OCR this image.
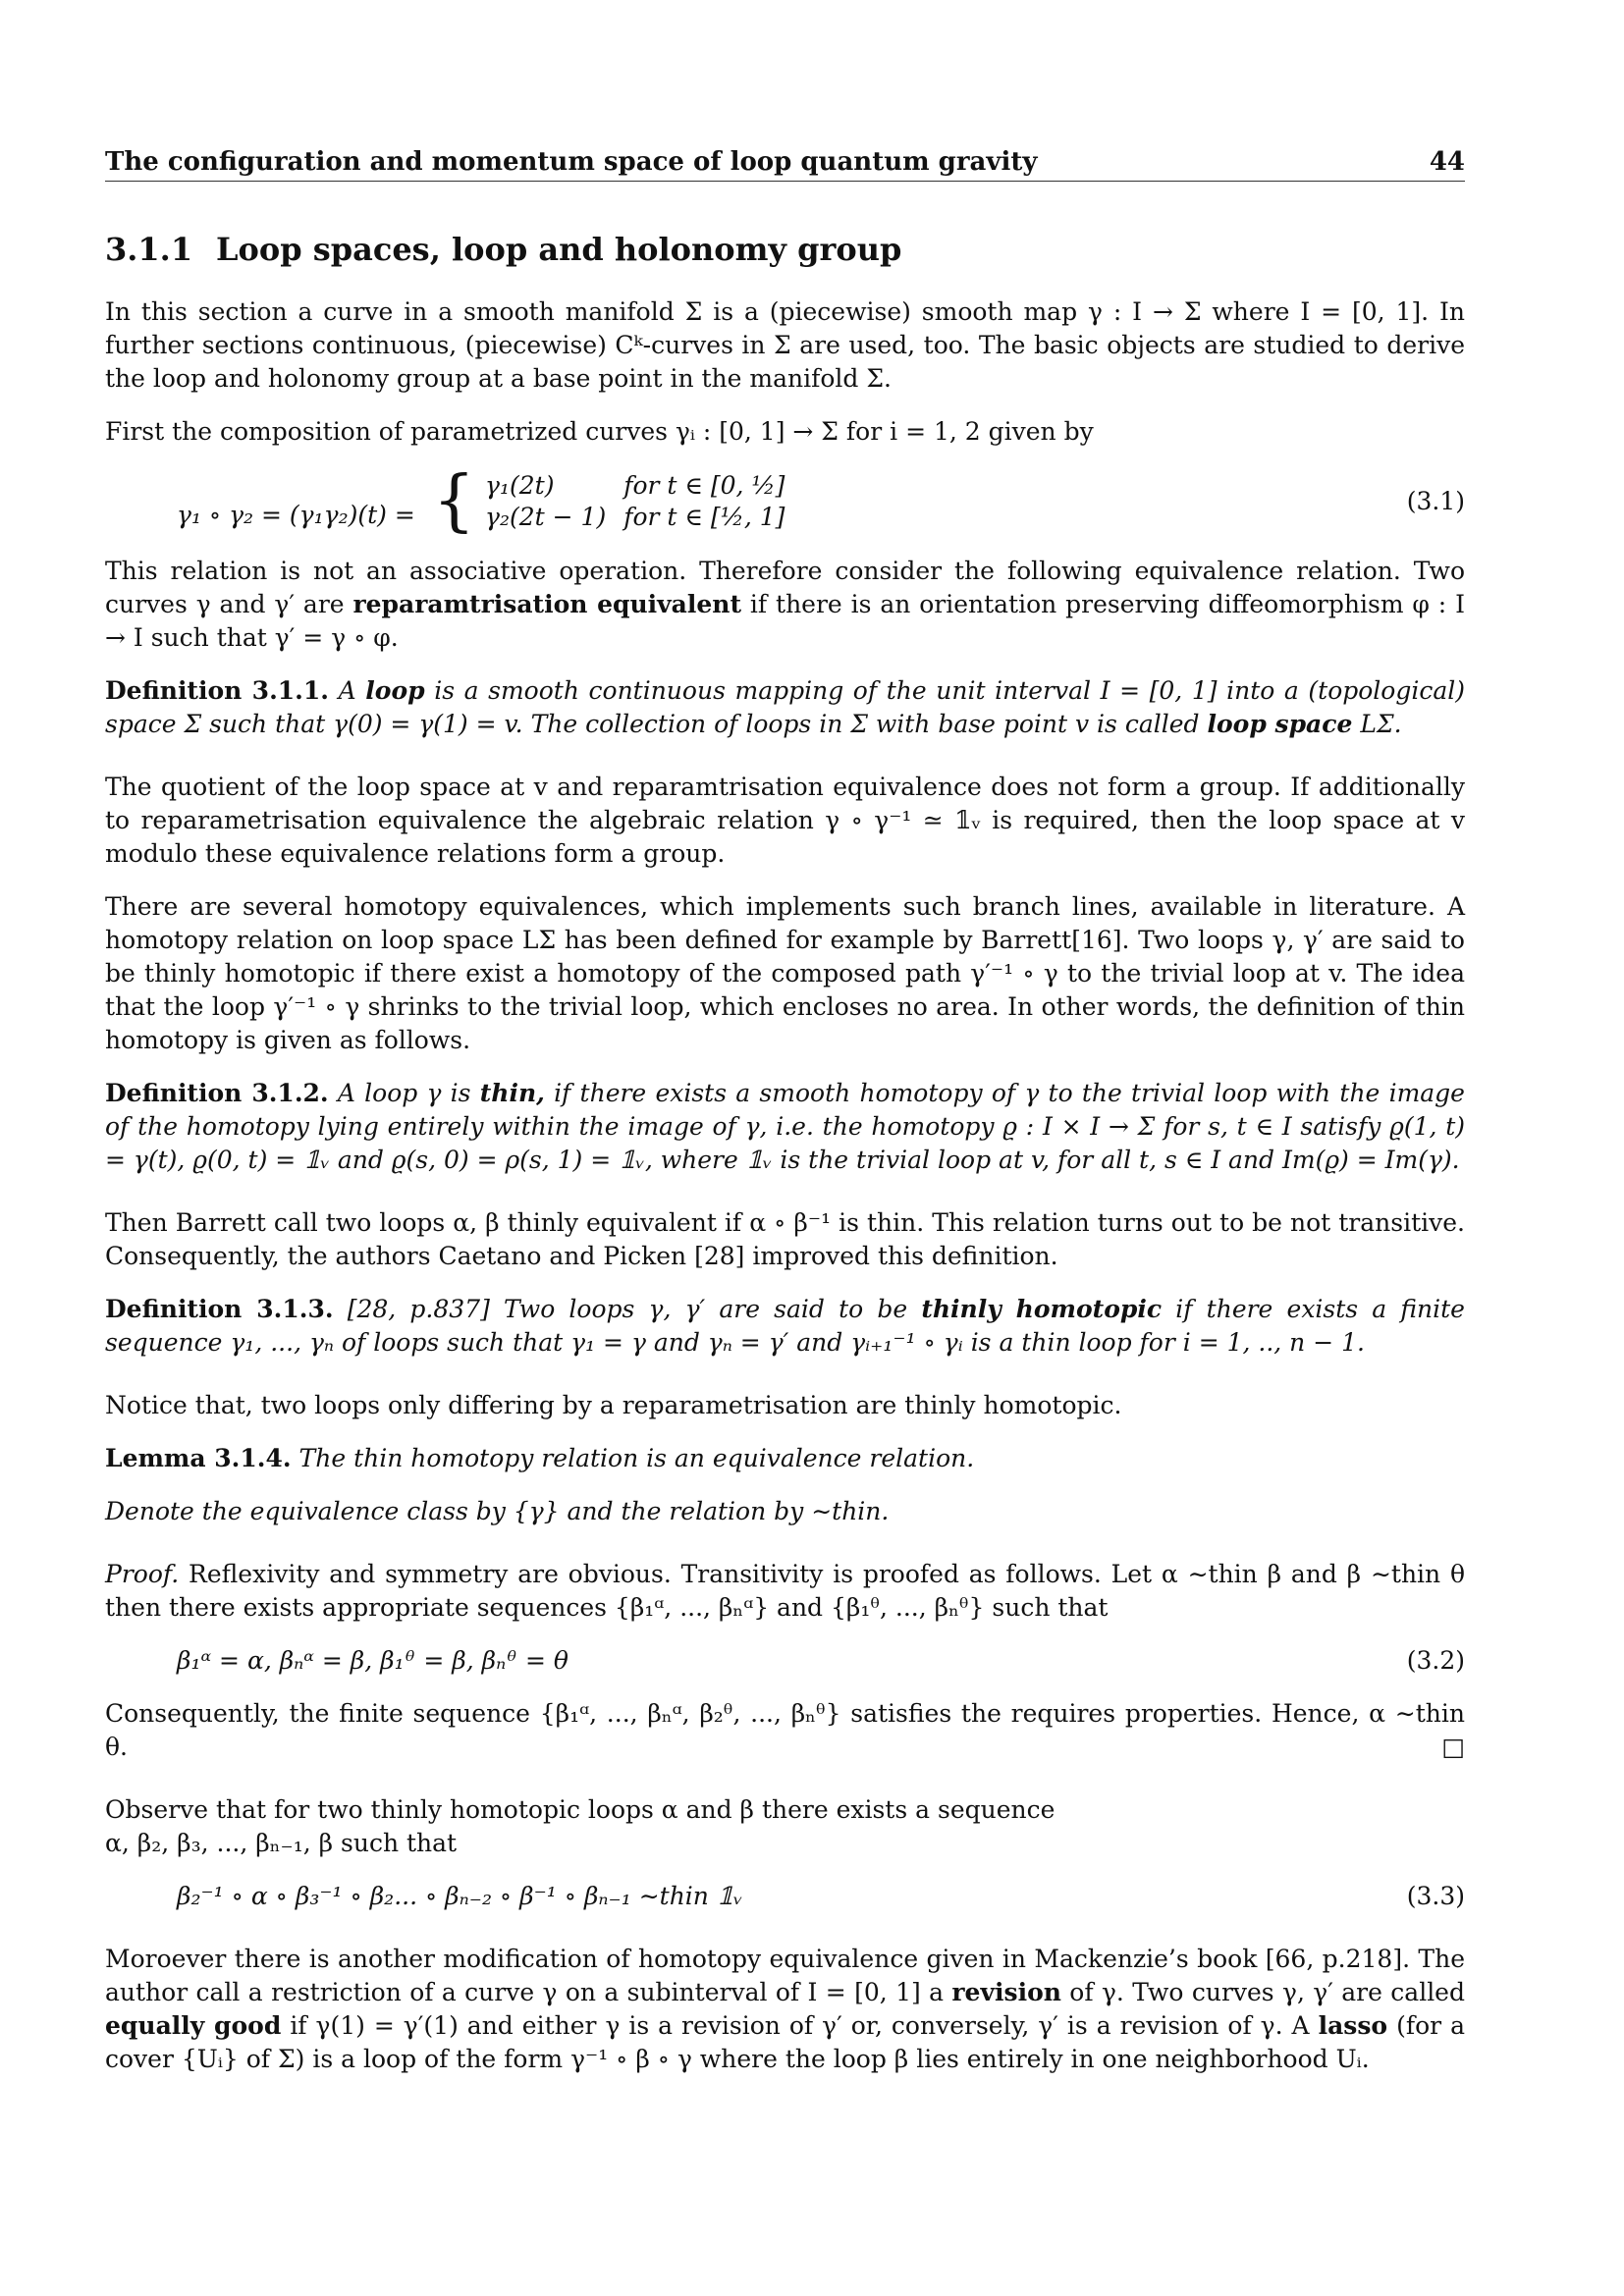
The configuration and momentum space of loop quantum gravity	44
3.1.1 Loop spaces, loop and holonomy group

In this section a curve in a smooth manifold Σ is a (piecewise) smooth map γ : I → Σ where I = [0, 1]. In further sections continuous, (piecewise) Cᵏ-curves in Σ are used, too. The basic objects are studied to derive the loop and holonomy group at a base point in the manifold Σ.

First the composition of parametrized curves γᵢ : [0, 1] → Σ for i = 1, 2 given by

γ₁ ∘ γ₂ = (γ₁γ₂)(t) = { γ₁(2t)	for t ∈ [0, ½]
γ₂(2t − 1)	for t ∈ [½, 1]
(3.1)

This relation is not an associative operation. Therefore consider the following equivalence relation. Two curves γ and γ′ are reparamtrisation equivalent if there is an orientation preserving diffeomorphism φ : I → I such that γ′ = γ ∘ φ.

Definition 3.1.1. A loop is a smooth continuous mapping of the unit interval I = [0, 1] into a (topological) space Σ such that γ(0) = γ(1) = v. The collection of loops in Σ with base point v is called loop space LΣ.

The quotient of the loop space at v and reparamtrisation equivalence does not form a group. If additionally to reparametrisation equivalence the algebraic relation γ ∘ γ⁻¹ ≃ 𝟙ᵥ is required, then the loop space at v modulo these equivalence relations form a group.

There are several homotopy equivalences, which implements such branch lines, available in literature. A homotopy relation on loop space LΣ has been defined for example by Barrett[16]. Two loops γ, γ′ are said to be thinly homotopic if there exist a homotopy of the composed path γ′⁻¹ ∘ γ to the trivial loop at v. The idea that the loop γ′⁻¹ ∘ γ shrinks to the trivial loop, which encloses no area. In other words, the definition of thin homotopy is given as follows.

Definition 3.1.2. A loop γ is thin, if there exists a smooth homotopy of γ to the trivial loop with the image of the homotopy lying entirely within the image of γ, i.e. the homotopy ϱ : I × I → Σ for s, t ∈ I satisfy ϱ(1, t) = γ(t), ϱ(0, t) = 𝟙ᵥ and ϱ(s, 0) = ρ(s, 1) = 𝟙ᵥ, where 𝟙ᵥ is the trivial loop at v, for all t, s ∈ I and Im(ϱ) = Im(γ).

Then Barrett call two loops α, β thinly equivalent if α ∘ β⁻¹ is thin. This relation turns out to be not transitive. Consequently, the authors Caetano and Picken [28] improved this definition.

Definition 3.1.3. [28, p.837] Two loops γ, γ′ are said to be thinly homotopic if there exists a finite sequence γ₁, ..., γₙ of loops such that γ₁ = γ and γₙ = γ′ and γᵢ₊₁⁻¹ ∘ γᵢ is a thin loop for i = 1, .., n − 1.

Notice that, two loops only differing by a reparametrisation are thinly homotopic.

Lemma 3.1.4. The thin homotopy relation is an equivalence relation.

Denote the equivalence class by {γ} and the relation by ∼thin.

Proof. Reflexivity and symmetry are obvious. Transitivity is proofed as follows. Let α ∼thin β and β ∼thin θ then there exists appropriate sequences {β₁ᵅ, ..., βₙᵅ} and {β₁ᶿ, ..., βₙᶿ} such that

β₁ᵅ = α, βₙᵅ = β, β₁ᶿ = β, βₙᶿ = θ	(3.2)

Consequently, the finite sequence {β₁ᵅ, ..., βₙᵅ, β₂ᶿ, ..., βₙᶿ} satisfies the requires properties. Hence, α ∼thin θ.	□

Observe that for two thinly homotopic loops α and β there exists a sequence
α, β₂, β₃, ..., βₙ₋₁, β such that

β₂⁻¹ ∘ α ∘ β₃⁻¹ ∘ β₂... ∘ βₙ₋₂ ∘ β⁻¹ ∘ βₙ₋₁ ∼thin 𝟙ᵥ	(3.3)

Moroever there is another modification of homotopy equivalence given in Mackenzie’s book [66, p.218]. The author call a restriction of a curve γ on a subinterval of I = [0, 1] a revision of γ. Two curves γ, γ′ are called equally good if γ(1) = γ′(1) and either γ is a revision of γ′ or, conversely, γ′ is a revision of γ. A lasso (for a cover {Uᵢ} of Σ) is a loop of the form γ⁻¹ ∘ β ∘ γ where the loop β lies entirely in one neighborhood Uᵢ.
